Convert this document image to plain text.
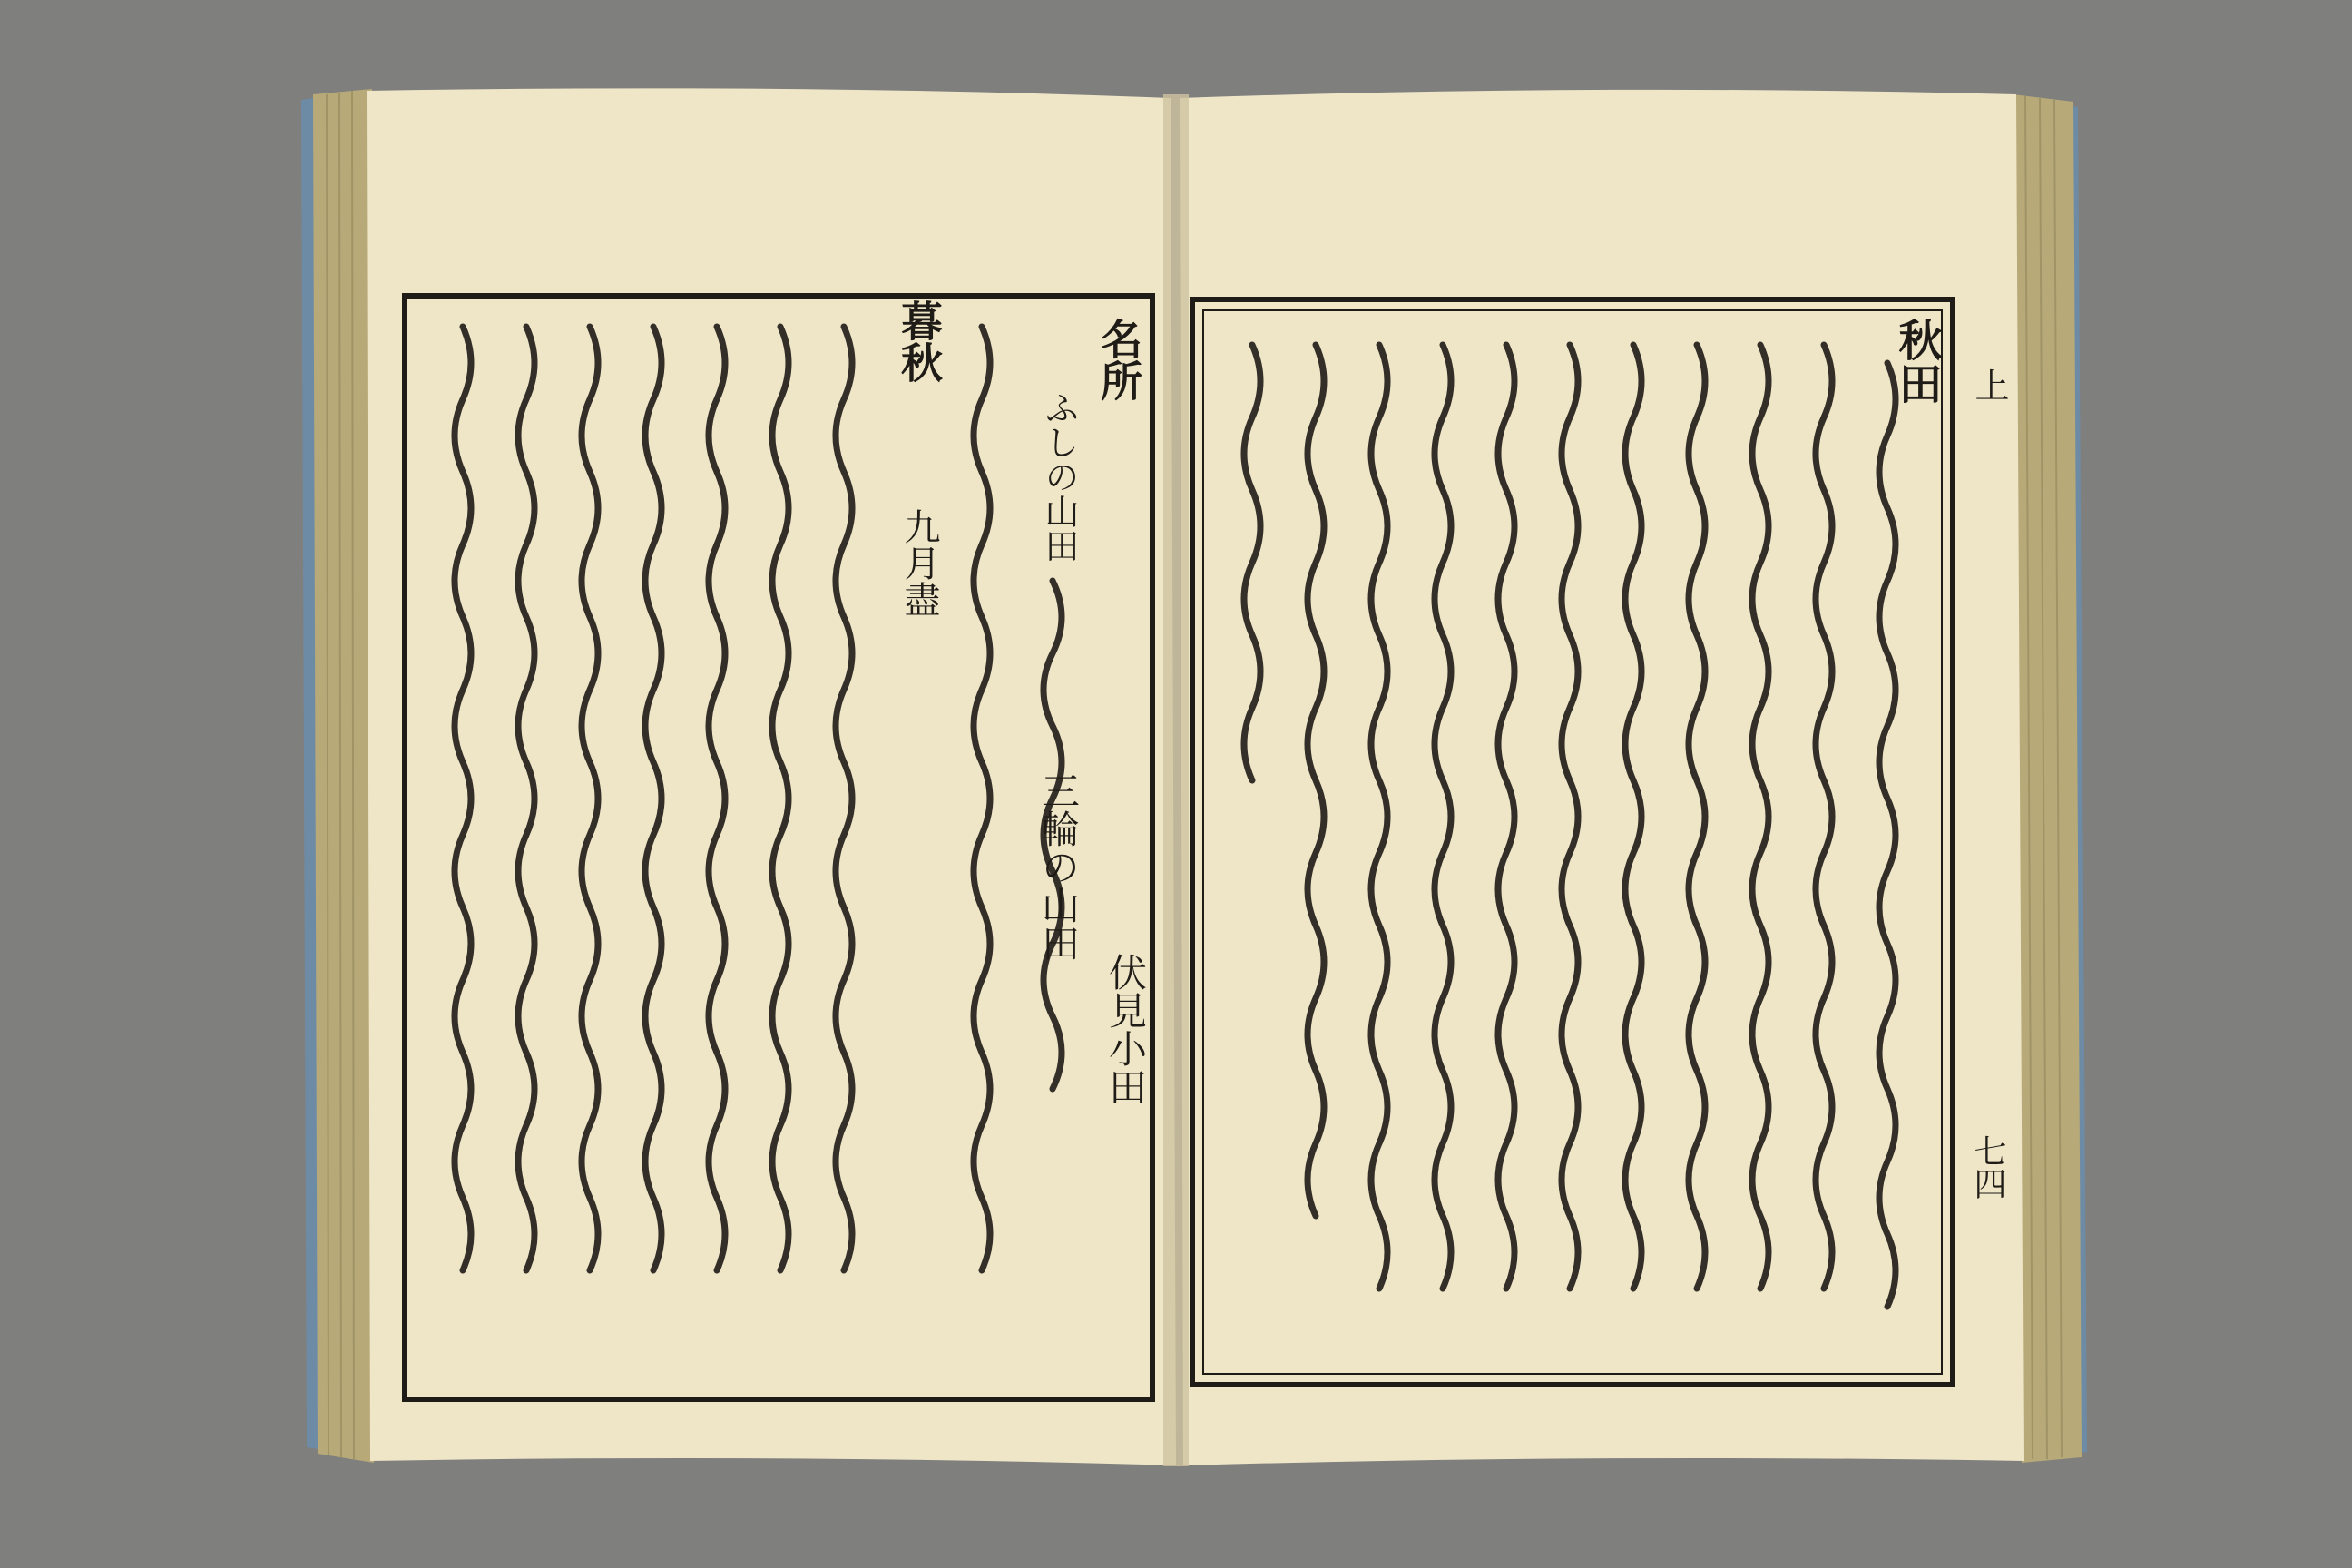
名所
暮秋
九月盡
伏見小田
三輪の山田
ふしの山田
秋田 上
七四
